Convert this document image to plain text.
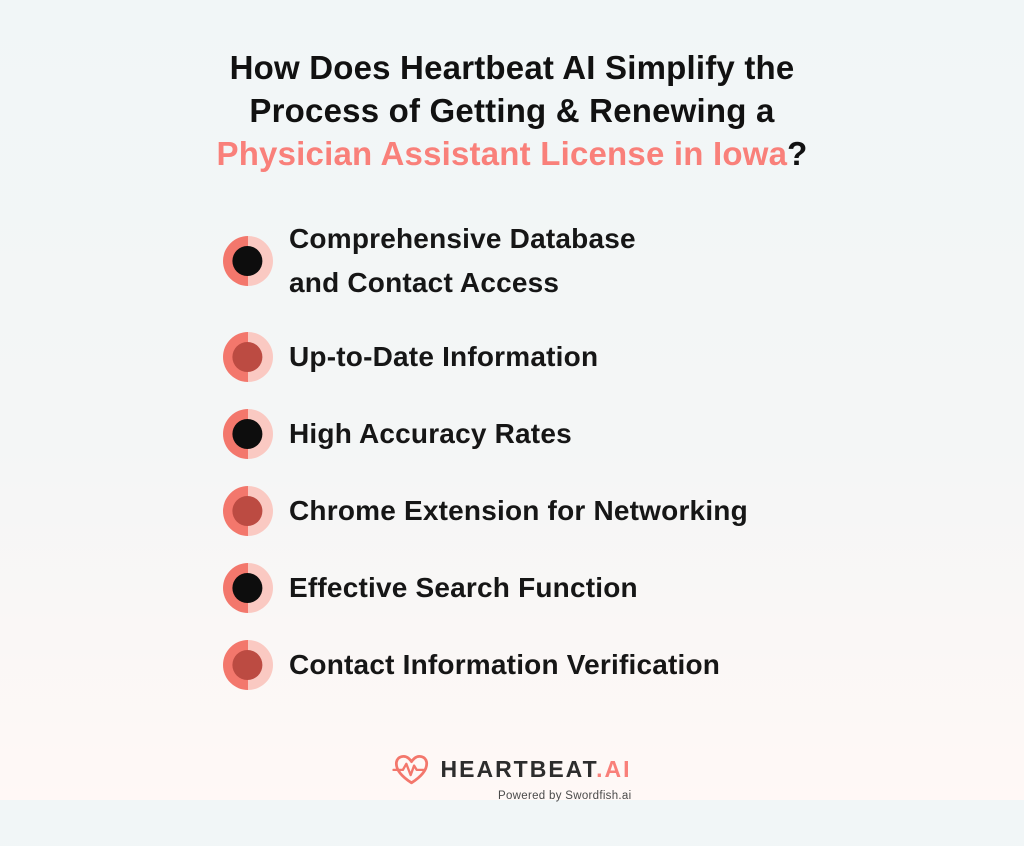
How Does Heartbeat AI Simplify the
Process of Getting & Renewing a
Physician Assistant License in Iowa?
Comprehensive Database and Contact Access
Up-to-Date Information
High Accuracy Rates
Chrome Extension for Networking
Effective Search Function
Contact Information Verification
HEARTBEAT.AI
Powered by Swordfish.ai
